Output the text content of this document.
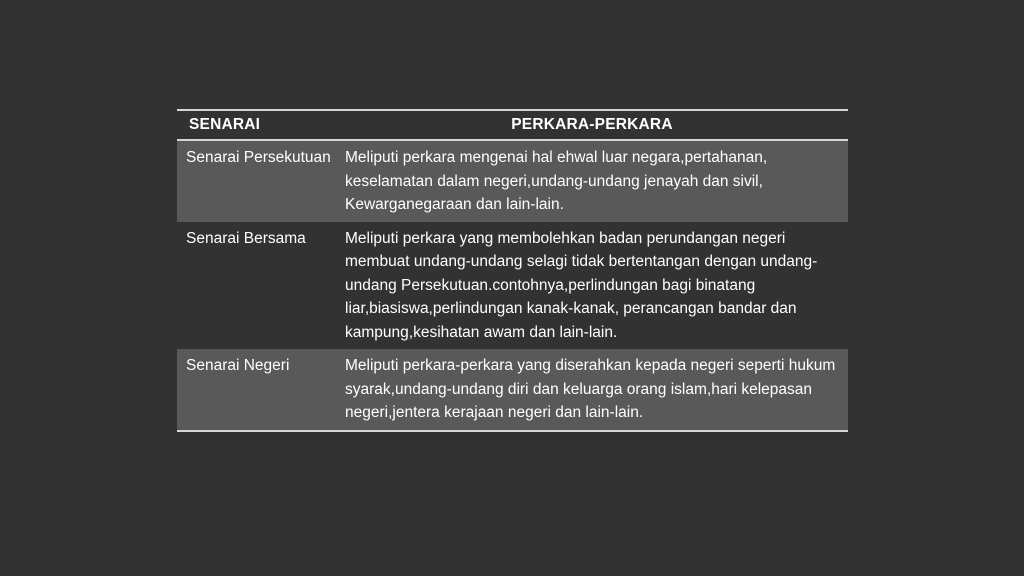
SENARAI	PERKARA-PERKARA
Senarai Persekutuan	Meliputi perkara mengenai hal ehwal luar negara,pertahanan, keselamatan dalam negeri,undang-undang jenayah dan sivil, Kewarganegaraan dan lain-lain.
Senarai Bersama	Meliputi perkara yang membolehkan badan perundangan negeri membuat undang-undang selagi tidak bertentangan dengan undang-undang Persekutuan.contohnya,perlindungan bagi binatang liar,biasiswa,perlindungan kanak-kanak, perancangan bandar dan kampung,kesihatan awam dan lain-lain.
Senarai Negeri	Meliputi perkara-perkara yang diserahkan kepada negeri seperti hukum syarak,undang-undang diri dan keluarga orang islam,hari kelepasan negeri,jentera kerajaan negeri dan lain-lain.
